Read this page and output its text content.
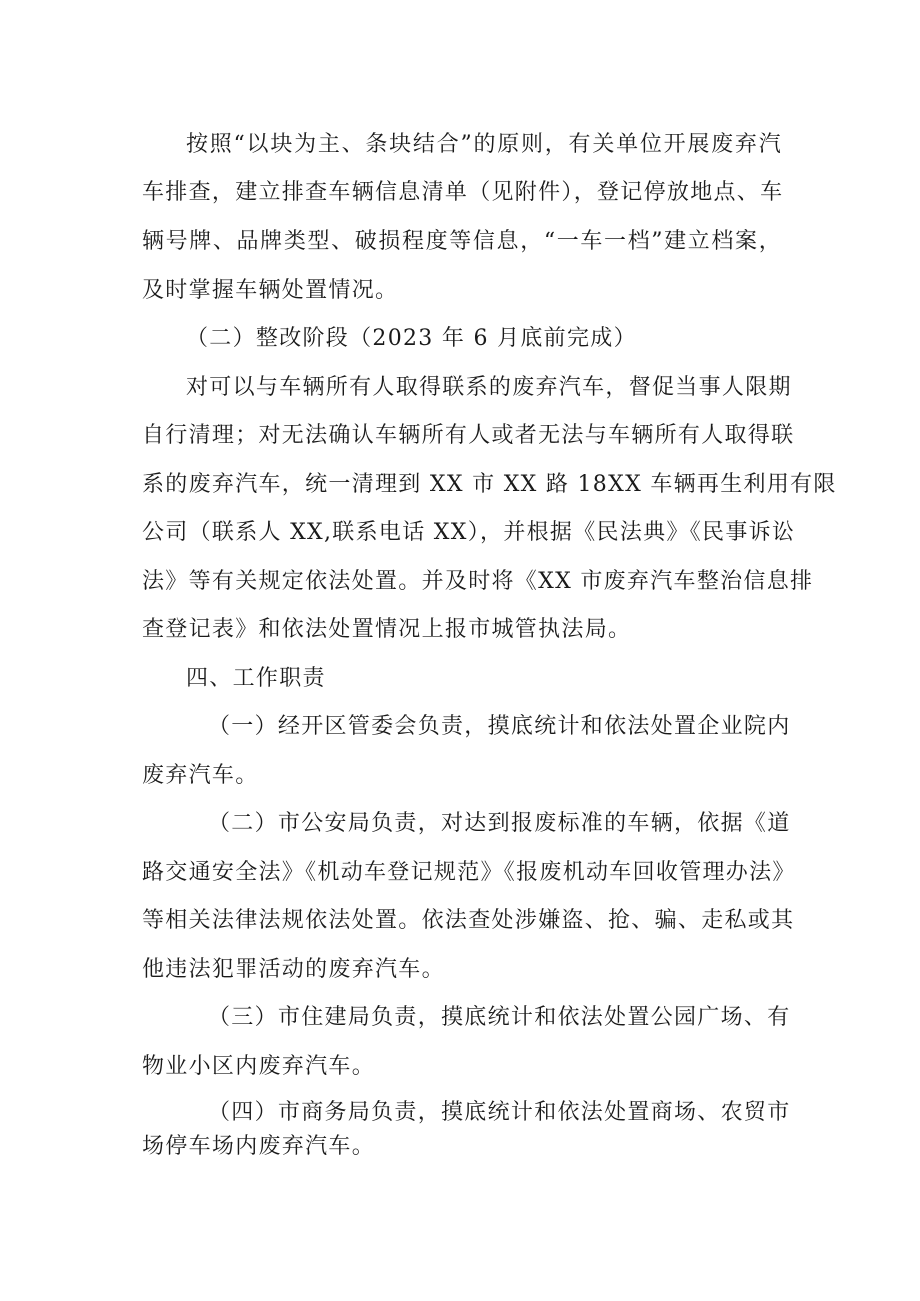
按照“以块为主、条块结合”的原则，有关单位开展废弃汽
车排查，建立排查车辆信息清单（见附件），登记停放地点、车
辆号牌、品牌类型、破损程度等信息，“一车一档”建立档案，
及时掌握车辆处置情况。
（二）整改阶段（2023 年 6 月底前完成）
对可以与车辆所有人取得联系的废弃汽车，督促当事人限期
自行清理；对无法确认车辆所有人或者无法与车辆所有人取得联
系的废弃汽车，统一清理到 XX 市 XX 路 18XX 车辆再生利用有限
公司（联系人 XX,联系电话 XX），并根据《民法典》《民事诉讼
法》等有关规定依法处置。并及时将《XX 市废弃汽车整治信息排
查登记表》和依法处置情况上报市城管执法局。
四、工作职责
（一）经开区管委会负责，摸底统计和依法处置企业院内
废弃汽车。
（二）市公安局负责，对达到报废标准的车辆，依据《道
路交通安全法》《机动车登记规范》《报废机动车回收管理办法》
等相关法律法规依法处置。依法查处涉嫌盗、抢、骗、走私或其
他违法犯罪活动的废弃汽车。
（三）市住建局负责，摸底统计和依法处置公园广场、有
物业小区内废弃汽车。
（四）市商务局负责，摸底统计和依法处置商场、农贸市
场停车场内废弃汽车。
